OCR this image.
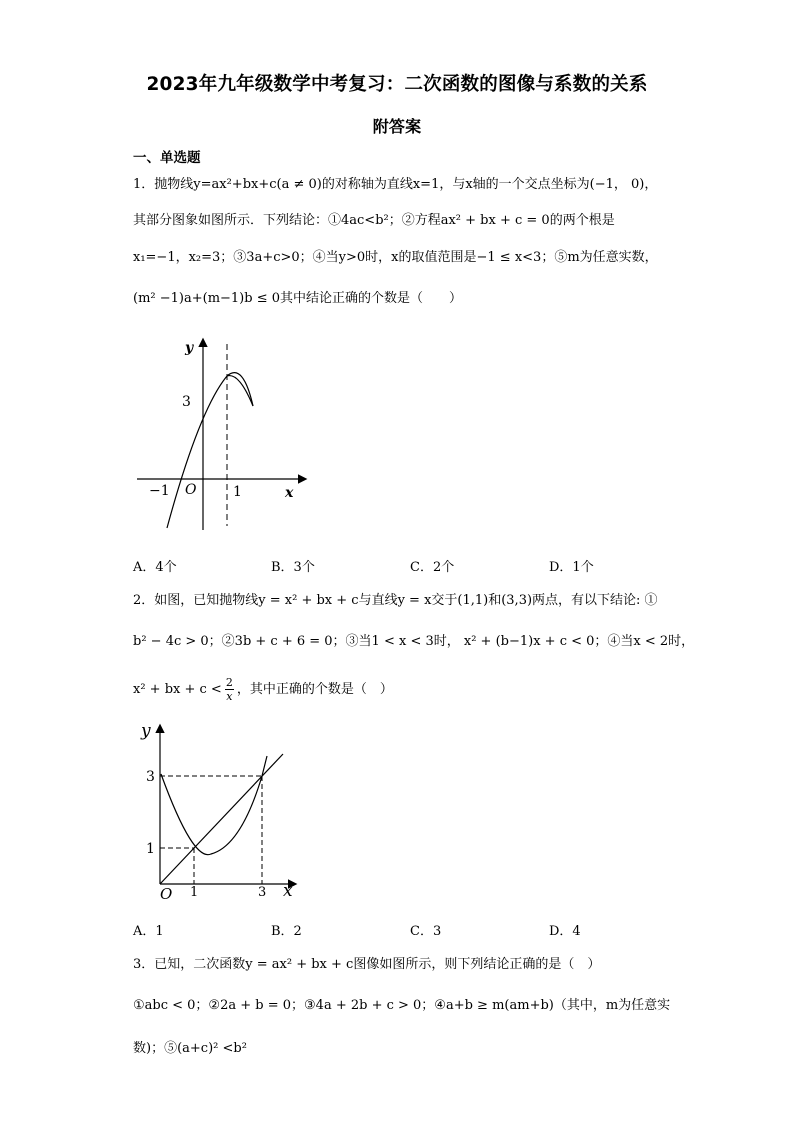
2023年九年级数学中考复习：二次函数的图像与系数的关系
附答案
一、单选题
1．抛物线y=ax²+bx+c(a ≠ 0)的对称轴为直线x=1，与x轴的一个交点坐标为(−1， 0)，
其部分图象如图所示．下列结论：①4ac<b²；②方程ax² + bx + c = 0的两个根是
x₁=−1，x₂=3；③3a+c>0；④当y>0时，x的取值范围是−1 ≤ x<3；⑤m为任意实数，
(m² −1)a+(m−1)b ≤ 0其中结论正确的个数是（　　）
y
x
3
−1 O	1
A．4个	B．3个	C．2个	D．1个
2．如图，已知抛物线y = x² + bx + c与直线y = x交于(1,1)和(3,3)两点，有以下结论: ①
b² − 4c > 0；②3b + c + 6 = 0；③当1 < x < 3时， x² + (b−1)x + c < 0；④当x < 2时，
x² + bx + $c < \frac{2}{x}$ ，其中正确的个数是（　）
y
x
3
1
O 1	3
A．1	B．2	C．3	D．4
3．已知，二次函数y = ax² + bx + c图像如图所示，则下列结论正确的是（　）
①abc < 0；②2a + b = 0；③4a + 2b + c > 0；④a+b ≥ m(am+b)（其中，m为任意实
数)；⑤(a+c)² <b²
